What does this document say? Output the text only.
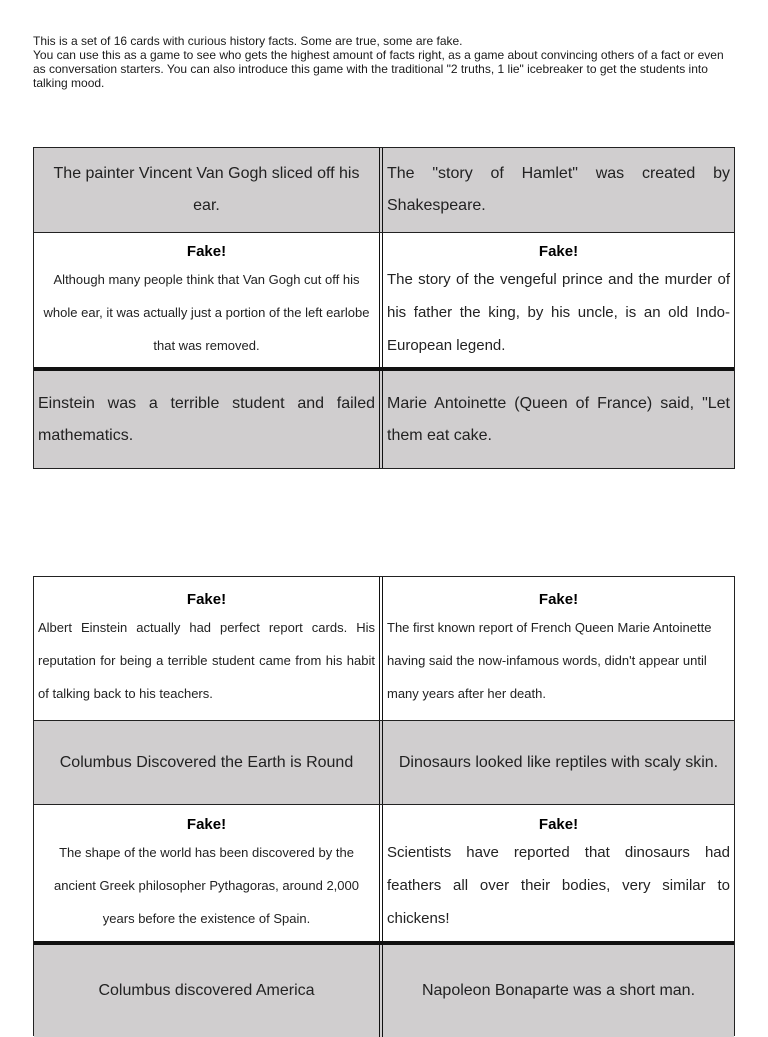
This is a set of 16 cards with curious history facts. Some are true, some are fake.

You can use this as a game to see who gets the highest amount of facts right, as a game about convincing others of a fact or even as conversation starters. You can also introduce this game with the traditional "2 truths, 1 lie" icebreaker to get the students into talking mood.

The painter Vincent Van Gogh sliced off his ear.
The "story of Hamlet" was created by Shakespeare.
Fake!
Although many people think that Van Gogh cut off his whole ear, it was actually just a portion of the left earlobe that was removed.
Fake!
The story of the vengeful prince and the murder of his father the king, by his uncle, is an old Indo-European legend.
Einstein was a terrible student and failed mathematics.
Marie Antoinette (Queen of France) said, "Let them eat cake.
Fake!
Albert Einstein actually had perfect report cards. His reputation for being a terrible student came from his habit of talking back to his teachers.
Fake!
The first known report of French Queen Marie Antoinette having said the now-infamous words, didn't appear until many years after her death.
Columbus Discovered the Earth is Round	Dinosaurs looked like reptiles with scaly skin.
Fake!
The shape of the world has been discovered by the ancient Greek philosopher Pythagoras, around 2,000 years before the existence of Spain.
Fake!
Scientists have reported that dinosaurs had feathers all over their bodies, very similar to chickens!
Columbus discovered America	Napoleon Bonaparte was a short man.
